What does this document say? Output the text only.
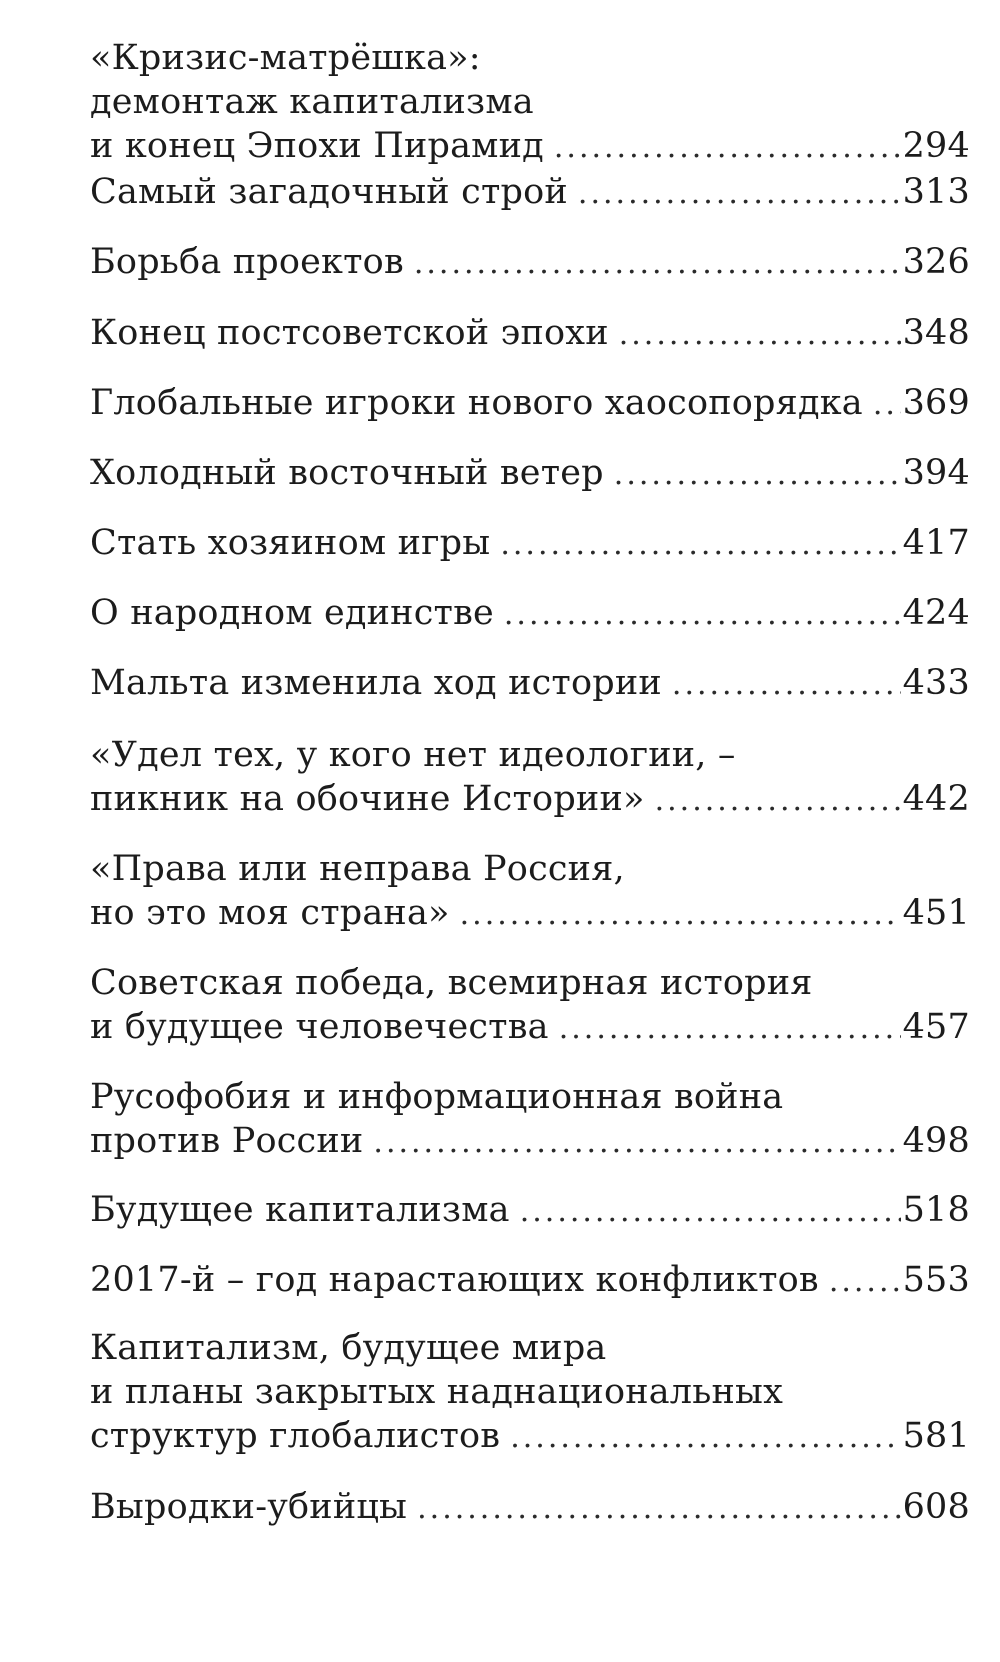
«Кризис-матрёшка»:
демонтаж капитализма
и конец Эпохи Пирамид .....	294
Самый загадочный строй .....	313
Борьба проектов .....	326
Конец постсоветской эпохи .....	348
Глобальные игроки нового хаосопорядка ..... 369
Холодный восточный ветер .....	394
Стать хозяином игры .....	417
О народном единстве .....	424
Мальта изменила ход истории .....	433
«Удел тех, у кого нет идеологии, –
пикник на обочине Истории» .....	442
«Права или неправа Россия,
но это моя страна» .....	451
Советская победа, всемирная история
и будущее человечества .....	457
Русофобия и информационная война
против России .....	498
Будущее капитализма .....	518
2017-й – год нарастающих конфликтов ..... 553
Капитализм, будущее мира
и планы закрытых наднациональных
структур глобалистов .....	581
Выродки-убийцы .....	608
